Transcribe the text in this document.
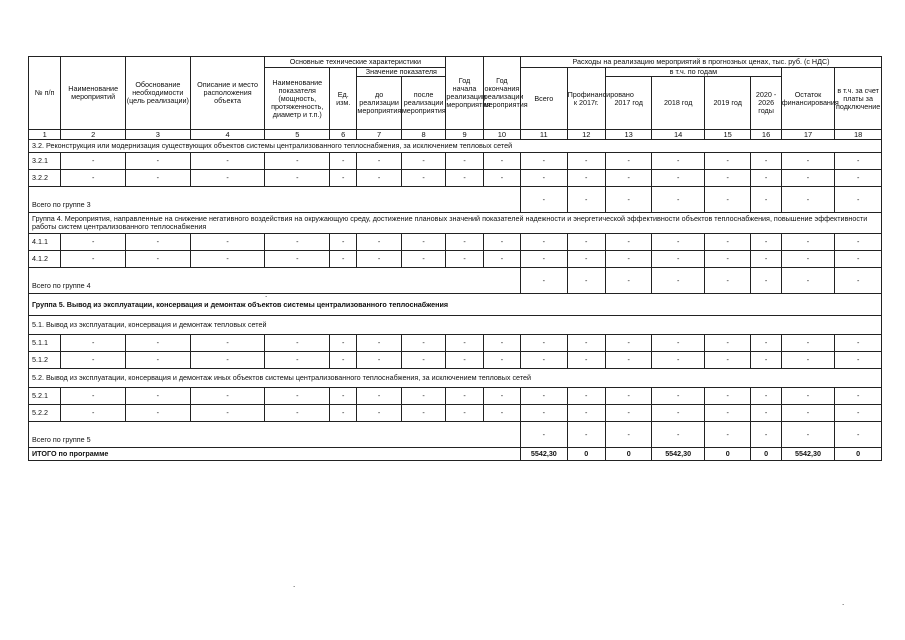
№ п/п	Наименование мероприятий	Обоснование необходимости (цель реализации)	Описание и место расположения объекта	Основные технические характеристики				Год начала реализации мероприятия	Год окончания реализации мероприятия	Расходы на реализацию мероприятий в прогнозных ценах, тыс. руб. (с НДС)							
				Наименование показателя (мощность, протяженность, диаметр и т.п.)	Ед. изм.	Значение показателя				Всего	Профинансировано к 2017г.	в т.ч. по годам				Остаток финансирования	в т.ч. за счет платы за подключение
						до реализации мероприятия	после реализации мероприятия					2017 год	2018 год	2019 год	2020 - 2026 годы		
1	2	3	4	5	6	7	8	9	10	11	12	13	14	15	16	17	18
3.2. Реконструкция или модернизация существующих объектов системы централизованного теплоснабжения, за исключением тепловых сетей																	
3.2.1	-	-	-	-	-	-	-	-	-	-	-	-	-	-	-	-	-
3.2.2	-	-	-	-	-	-	-	-	-	-	-	-	-	-	-	-	-
Всего по группе 3										-	-	-	-	-	-	-	-
Группа 4. Мероприятия, направленные на снижение негативного воздействия на окружающую среду, достижение плановых значений показателей надежности и энергетической эффективности объектов теплоснабжения, повышение эффективности работы систем централизованного теплоснабжения																	
4.1.1	-	-	-	-	-	-	-	-	-	-	-	-	-	-	-	-	-
4.1.2	-	-	-	-	-	-	-	-	-	-	-	-	-	-	-	-	-
Всего по группе 4										-	-	-	-	-	-	-	-
Группа 5. Вывод из эксплуатации, консервация и демонтаж объектов системы централизованного теплоснабжения																	
5.1. Вывод из эксплуатации, консервация и демонтаж тепловых сетей																	
5.1.1	-	-	-	-	-	-	-	-	-	-	-	-	-	-	-	-	-
5.1.2	-	-	-	-	-	-	-	-	-	-	-	-	-	-	-	-	-
5.2. Вывод из эксплуатации, консервация и демонтаж иных объектов системы централизованного теплоснабжения, за исключением тепловых сетей																	
5.2.1	-	-	-	-	-	-	-	-	-	-	-	-	-	-	-	-	-
5.2.2	-	-	-	-	-	-	-	-	-	-	-	-	-	-	-	-	-
Всего по группе 5										-	-	-	-	-	-	-	-
ИТОГО по программе										5542,30	0	0	5542,30	0	0	5542,30	0
.
.
.
